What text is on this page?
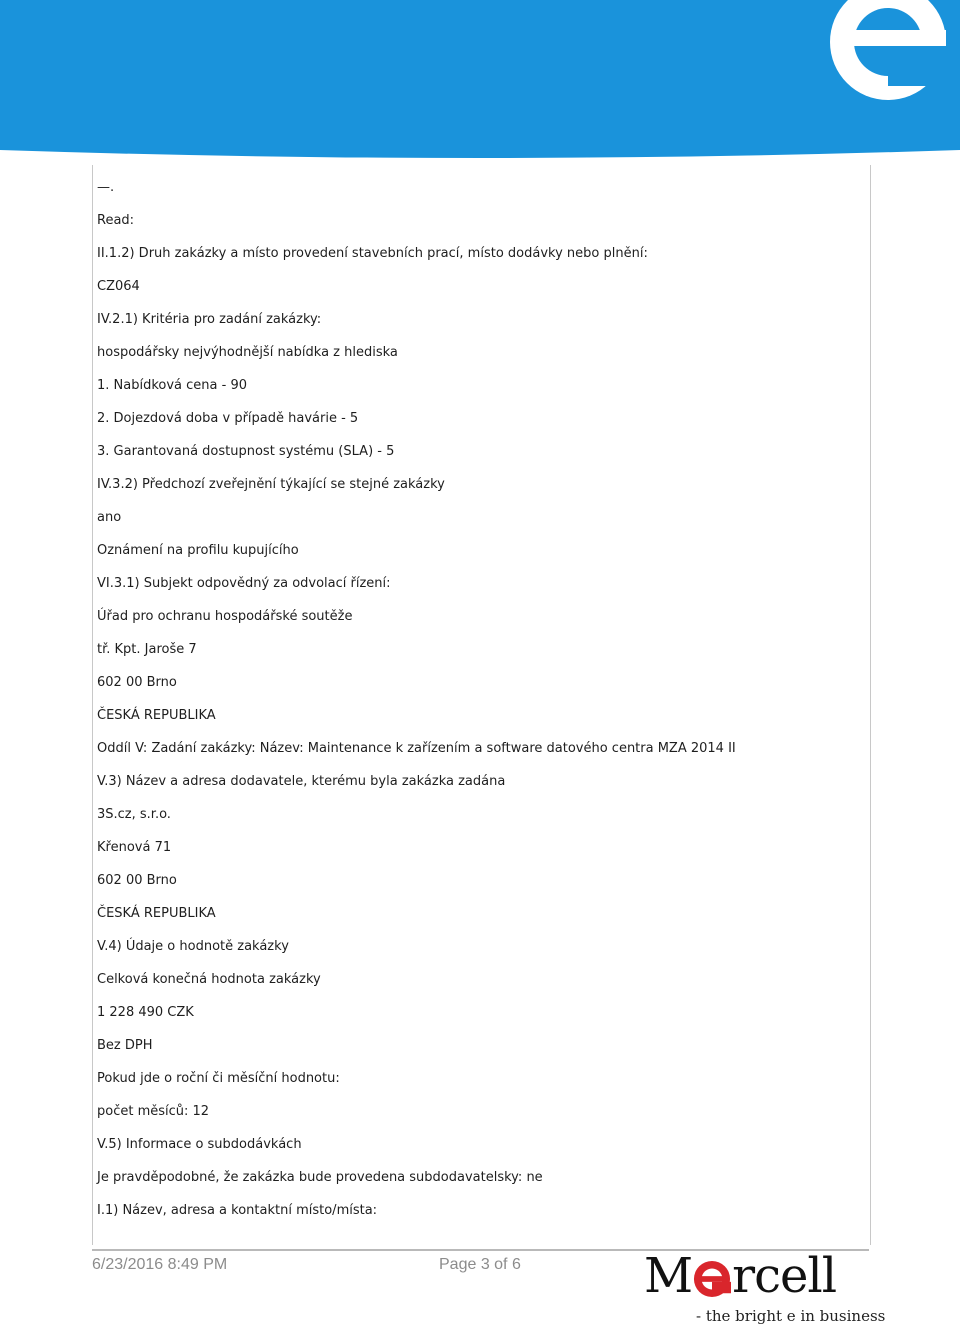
—.
Read:
II.1.2) Druh zakázky a místo provedení stavebních prací, místo dodávky nebo plnění:
CZ064
IV.2.1) Kritéria pro zadání zakázky:
hospodářsky nejvýhodnější nabídka z hlediska
1. Nabídková cena - 90
2. Dojezdová doba v případě havárie - 5
3. Garantovaná dostupnost systému (SLA) - 5
IV.3.2) Předchozí zveřejnění týkající se stejné zakázky
ano
Oznámení na profilu kupujícího
VI.3.1) Subjekt odpovědný za odvolací řízení:
Úřad pro ochranu hospodářské soutěže
tř. Kpt. Jaroše 7
602 00 Brno
ČESKÁ REPUBLIKA
Oddíl V: Zadání zakázky: Název: Maintenance k zařízením a software datového centra MZA 2014 II
V.3) Název a adresa dodavatele, kterému byla zakázka zadána
3S.cz, s.r.o.
Křenová 71
602 00 Brno
ČESKÁ REPUBLIKA
V.4) Údaje o hodnotě zakázky
Celková konečná hodnota zakázky
1 228 490 CZK
Bez DPH
Pokud jde o roční či měsíční hodnotu:
počet měsíců: 12
V.5) Informace o subdodávkách
Je pravděpodobné, že zakázka bude provedena subdodavatelsky: ne
I.1) Název, adresa a kontaktní místo/místa:
6/23/2016 8:49 PM	Page 3 of 6	M rcell
- the bright e in business
